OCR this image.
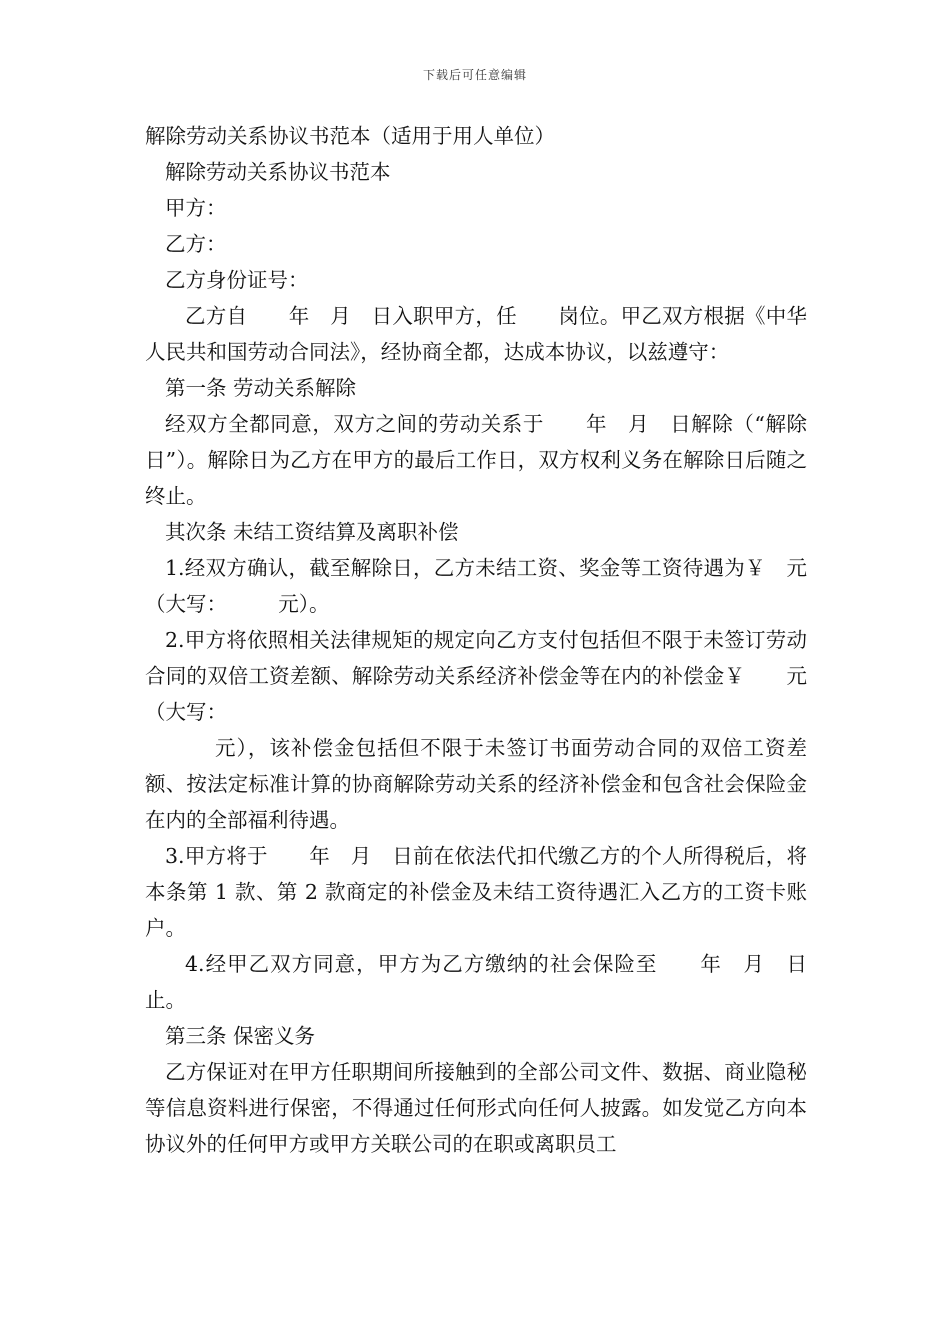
下载后可任意编辑

解除劳动关系协议书范本（适用于用人单位）

解除劳动关系协议书范本

甲方：

乙方：

乙方身份证号：

乙方自　　年　月　日入职甲方，任　　岗位。甲乙双方根据《中华人民共和国劳动合同法》，经协商全都，达成本协议，以兹遵守：

第一条 劳动关系解除

经双方全都同意，双方之间的劳动关系于　　年　月　日解除（“解除日”）。解除日为乙方在甲方的最后工作日，双方权利义务在解除日后随之终止。

其次条 未结工资结算及离职补偿

1.经双方确认，截至解除日，乙方未结工资、奖金等工资待遇为￥　元（大写：　　　元）。

2.甲方将依照相关法律规矩的规定向乙方支付包括但不限于未签订劳动合同的双倍工资差额、解除劳动关系经济补偿金等在内的补偿金￥　　元（大写：

元），该补偿金包括但不限于未签订书面劳动合同的双倍工资差额、按法定标准计算的协商解除劳动关系的经济补偿金和包含社会保险金在内的全部福利待遇。

3.甲方将于　　年　月　日前在依法代扣代缴乙方的个人所得税后，将本条第 1 款、第 2 款商定的补偿金及未结工资待遇汇入乙方的工资卡账户。

4.经甲乙双方同意，甲方为乙方缴纳的社会保险至　　年　月　日止。

第三条 保密义务

乙方保证对在甲方任职期间所接触到的全部公司文件、数据、商业隐秘等信息资料进行保密，不得通过任何形式向任何人披露。如发觉乙方向本协议外的任何甲方或甲方关联公司的在职或离职员工
